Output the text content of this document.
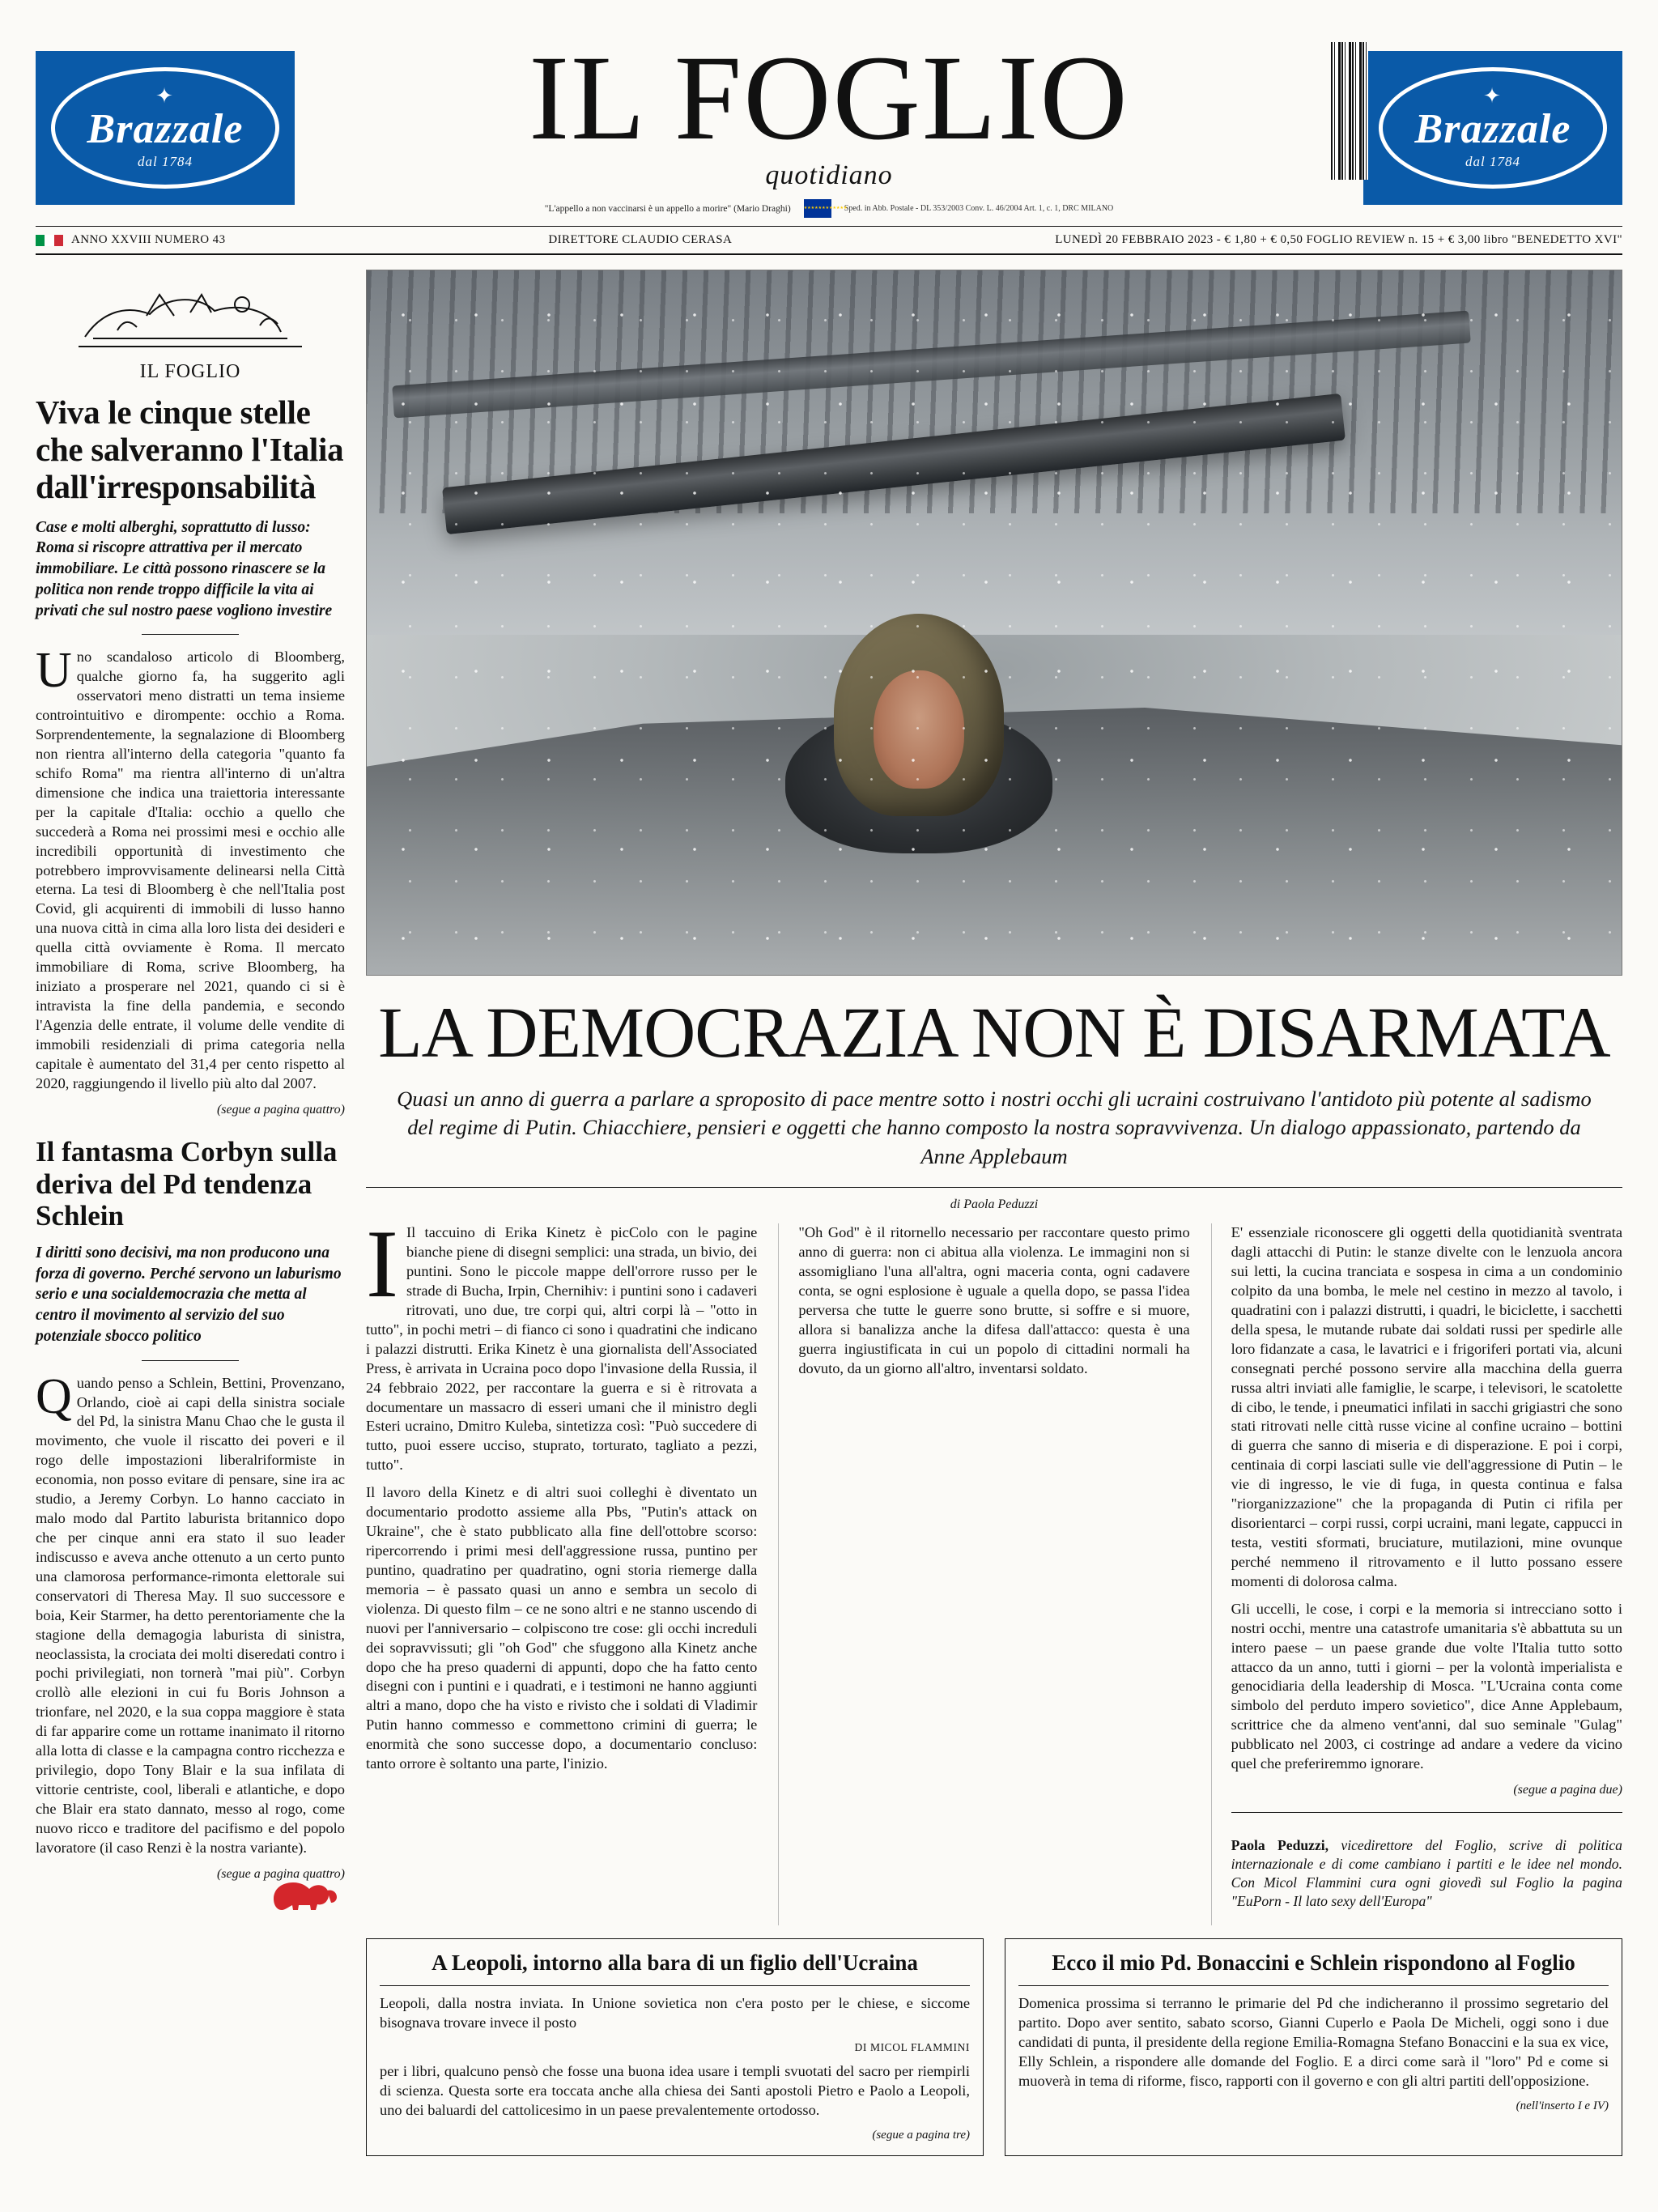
✦
Brazzale
dal 1784	IL FOGLIO
quotidiano
"L'appello a non vaccinarsi è un appello a morire" (Mario Draghi) ★★★★★★★★★★★★	Sped. in Abb. Postale - DL 353/2003 Conv. L. 46/2004 Art. 1, c. 1, DRC MILANO
✦
Brazzale
dal 1784
ANNO XXVIII NUMERO 43	DIRETTORE CLAUDIO CERASA	LUNEDÌ 20 FEBBRAIO 2023 - € 1,80 + € 0,50 FOGLIO REVIEW n. 15 + € 3,00 libro "BENEDETTO XVI"
IL FOGLIO
Viva le cinque stelle che salveranno l'Italia dall'irresponsabilità
Case e molti alberghi, soprattutto di lusso: Roma si riscopre attrattiva per il mercato immobiliare. Le città possono rinascere se la politica non rende troppo difficile la vita ai privati che sul nostro paese vogliono investire

Uno scandaloso articolo di Bloomberg, qualche giorno fa, ha suggerito agli osservatori meno distratti un tema insieme controintuitivo e dirompente: occhio a Roma. Sorprendentemente, la segnalazione di Bloomberg non rientra all'interno della categoria "quanto fa schifo Roma" ma rientra all'interno di un'altra dimensione che indica una traiettoria interessante per la capitale d'Italia: occhio a quello che succederà a Roma nei prossimi mesi e occhio alle incredibili opportunità di investimento che potrebbero improvvisamente delinearsi nella Città eterna. La tesi di Bloomberg è che nell'Italia post Covid, gli acquirenti di immobili di lusso hanno una nuova città in cima alla loro lista dei desideri e quella città ovviamente è Roma. Il mercato immobiliare di Roma, scrive Bloomberg, ha iniziato a prosperare nel 2021, quando ci si è intravista la fine della pandemia, e secondo l'Agenzia delle entrate, il volume delle vendite di immobili residenziali di prima categoria nella capitale è aumentato del 31,4 per cento rispetto al 2020, raggiungendo il livello più alto dal 2007.

(segue a pagina quattro)
Il fantasma Corbyn sulla deriva del Pd tendenza Schlein
I diritti sono decisivi, ma non producono una forza di governo. Perché servono un laburismo serio e una socialdemocrazia che metta al centro il movimento al servizio del suo potenziale sbocco politico

Quando penso a Schlein, Bettini, Provenzano, Orlando, cioè ai capi della sinistra sociale del Pd, la sinistra Manu Chao che le gusta il movimento, che vuole il riscatto dei poveri e il rogo delle impostazioni liberalriformiste in economia, non posso evitare di pensare, sine ira ac studio, a Jeremy Corbyn. Lo hanno cacciato in malo modo dal Partito laburista britannico dopo che per cinque anni era stato il suo leader indiscusso e aveva anche ottenuto a un certo punto una clamorosa performance-rimonta elettorale sui conservatori di Theresa May. Il suo successore e boia, Keir Starmer, ha detto perentoriamente che la stagione della demagogia laburista di sinistra, neoclassista, la crociata dei molti diseredati contro i pochi privilegiati, non tornerà "mai più". Corbyn crollò alle elezioni in cui fu Boris Johnson a trionfare, nel 2020, e la sua coppa maggiore è stata di far apparire come un rottame inanimato il ritorno alla lotta di classe e la campagna contro ricchezza e privilegio, dopo Tony Blair e la sua infilata di vittorie centriste, cool, liberali e atlantiche, e dopo che Blair era stato dannato, messo al rogo, come nuovo ricco e traditore del pacifismo e del popolo lavoratore (il caso Renzi è la nostra variante).

(segue a pagina quattro)
LA DEMOCRAZIA NON È DISARMATA
Quasi un anno di guerra a parlare a sproposito di pace mentre sotto i nostri occhi gli ucraini costruivano l'antidoto più potente al sadismo del regime di Putin. Chiacchiere, pensieri e oggetti che hanno composto la nostra sopravvivenza. Un dialogo appassionato, partendo da Anne Applebaum
di Paola Peduzzi

I Il taccuino di Erika Kinetz è picColo con le pagine bianche piene di disegni semplici: una strada, un bivio, dei puntini. Sono le piccole mappe dell'orrore russo per le strade di Bucha, Irpin, Chernihiv: i puntini sono i cadaveri ritrovati, uno due, tre corpi qui, altri corpi là – "otto in tutto", in pochi metri – di fianco ci sono i quadratini che indicano i palazzi distrutti. Erika Kinetz è una giornalista dell'Associated Press, è arrivata in Ucraina poco dopo l'invasione della Russia, il 24 febbraio 2022, per raccontare la guerra e si è ritrovata a documentare un massacro di esseri umani che il ministro degli Esteri ucraino, Dmitro Kuleba, sintetizza così: "Può succedere di tutto, puoi essere ucciso, stuprato, torturato, tagliato a pezzi, tutto".

Il lavoro della Kinetz e di altri suoi colleghi è diventato un documentario prodotto assieme alla Pbs, "Putin's attack on Ukraine", che è stato pubblicato alla fine dell'ottobre scorso: ripercorrendo i primi mesi dell'aggressione russa, puntino per puntino, quadratino per quadratino, ogni storia riemerge dalla memoria – è passato quasi un anno e sembra un secolo di violenza. Di questo film – ce ne sono altri e ne stanno uscendo di nuovi per l'anniversario – colpiscono tre cose: gli occhi increduli dei sopravvissuti; gli "oh God" che sfuggono alla Kinetz anche dopo che ha preso quaderni di appunti, dopo che ha fatto cento disegni con i puntini e i quadrati, e i testimoni ne hanno aggiunti altri a mano, dopo che ha visto e rivisto che i soldati di Vladimir Putin hanno commesso e commettono crimini di guerra; le enormità che sono successe dopo, a documentario concluso: tanto orrore è soltanto una parte, l'inizio.

"Oh God" è il ritornello necessario per raccontare questo primo anno di guerra: non ci abitua alla violenza. Le immagini non si assomigliano l'una all'altra, ogni maceria conta, ogni cadavere conta, se ogni esplosione è uguale a quella dopo, se passa l'idea perversa che tutte le guerre sono brutte, si soffre e si muore, allora si banalizza anche la difesa dall'attacco: questa è una guerra ingiustificata in cui un popolo di cittadini normali ha dovuto, da un giorno all'altro, inventarsi soldato.

E' essenziale riconoscere gli oggetti della quotidianità sventrata dagli attacchi di Putin: le stanze divelte con le lenzuola ancora sui letti, la cucina tranciata e sospesa in cima a un condominio colpito da una bomba, le mele nel cestino in mezzo al tavolo, i quadratini con i palazzi distrutti, i quadri, le biciclette, i sacchetti della spesa, le mutande rubate dai soldati russi per spedirle alle loro fidanzate a casa, le lavatrici e i frigoriferi portati via, alcuni consegnati perché possono servire alla macchina della guerra russa altri inviati alle famiglie, le scarpe, i televisori, le scatolette di cibo, le tende, i pneumatici infilati in sacchi grigiastri che sono stati ritrovati nelle città russe vicine al confine ucraino – bottini di guerra che sanno di miseria e di disperazione. E poi i corpi, centinaia di corpi lasciati sulle vie dell'aggressione di Putin – le vie di ingresso, le vie di fuga, in questa continua e falsa "riorganizzazione" che la propaganda di Putin ci rifila per disorientarci – corpi russi, corpi ucraini, mani legate, cappucci in testa, vestiti sformati, bruciature, mutilazioni, mine ovunque perché nemmeno il ritrovamento e il lutto possano essere momenti di dolorosa calma.

Gli uccelli, le cose, i corpi e la memoria si intrecciano sotto i nostri occhi, mentre una catastrofe umanitaria s'è abbattuta su un intero paese – un paese grande due volte l'Italia tutto sotto attacco da un anno, tutti i giorni – per la volontà imperialista e genocidiaria della leadership di Mosca. "L'Ucraina conta come simbolo del perduto impero sovietico", dice Anne Applebaum, scrittrice che da almeno vent'anni, dal suo seminale "Gulag" pubblicato nel 2003, ci costringe ad andare a vedere da vicino quel che preferiremmo ignorare.

(segue a pagina due)

Paola Peduzzi, vicedirettore del Foglio, scrive di politica internazionale e di come cambiano i partiti e le idee nel mondo. Con Micol Flammini cura ogni giovedì sul Foglio la pagina "EuPorn - Il lato sexy dell'Europa"

A Leopoli, intorno alla bara di un figlio dell'Ucraina

Leopoli, dalla nostra inviata. In Unione sovietica non c'era posto per le chiese, e siccome bisognava trovare invece il posto

DI MICOL FLAMMINI

per i libri, qualcuno pensò che fosse una buona idea usare i templi svuotati del sacro per riempirli di scienza. Questa sorte era toccata anche alla chiesa dei Santi apostoli Pietro e Paolo a Leopoli, uno dei baluardi del cattolicesimo in un paese prevalentemente ortodosso.

(segue a pagina tre)
Ecco il mio Pd. Bonaccini e Schlein rispondono al Foglio

Domenica prossima si terranno le primarie del Pd che indicheranno il prossimo segretario del partito. Dopo aver sentito, sabato scorso, Gianni Cuperlo e Paola De Micheli, oggi sono i due candidati di punta, il presidente della regione Emilia-Romagna Stefano Bonaccini e la sua ex vice, Elly Schlein, a rispondere alle domande del Foglio. E a dirci come sarà il "loro" Pd e come si muoverà in tema di riforme, fisco, rapporti con il governo e con gli altri partiti dell'opposizione.

(nell'inserto I e IV)
